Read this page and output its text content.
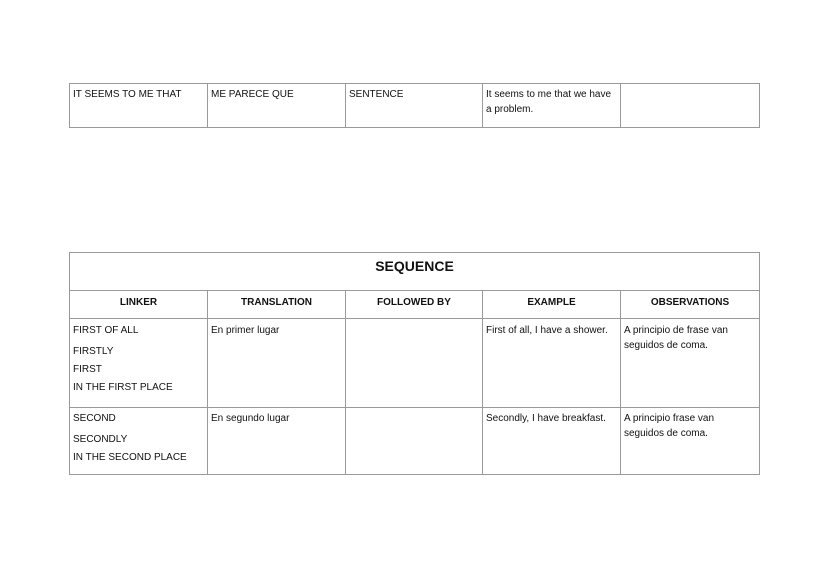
IT SEEMS TO ME THAT	ME PARECE QUE	SENTENCE	It seems to me that we have a problem.	
SEQUENCE				
LINKER	TRANSLATION	FOLLOWED BY	EXAMPLE	OBSERVATIONS

FIRST OF ALL
FIRSTLY
FIRST
IN THE FIRST PLACE	En primer lugar		First of all, I have a shower.	A principio de frase van seguidos de coma.

SECOND
SECONDLY
IN THE SECOND PLACE	En segundo lugar		Secondly, I have breakfast.	A principio frase van seguidos de coma.
